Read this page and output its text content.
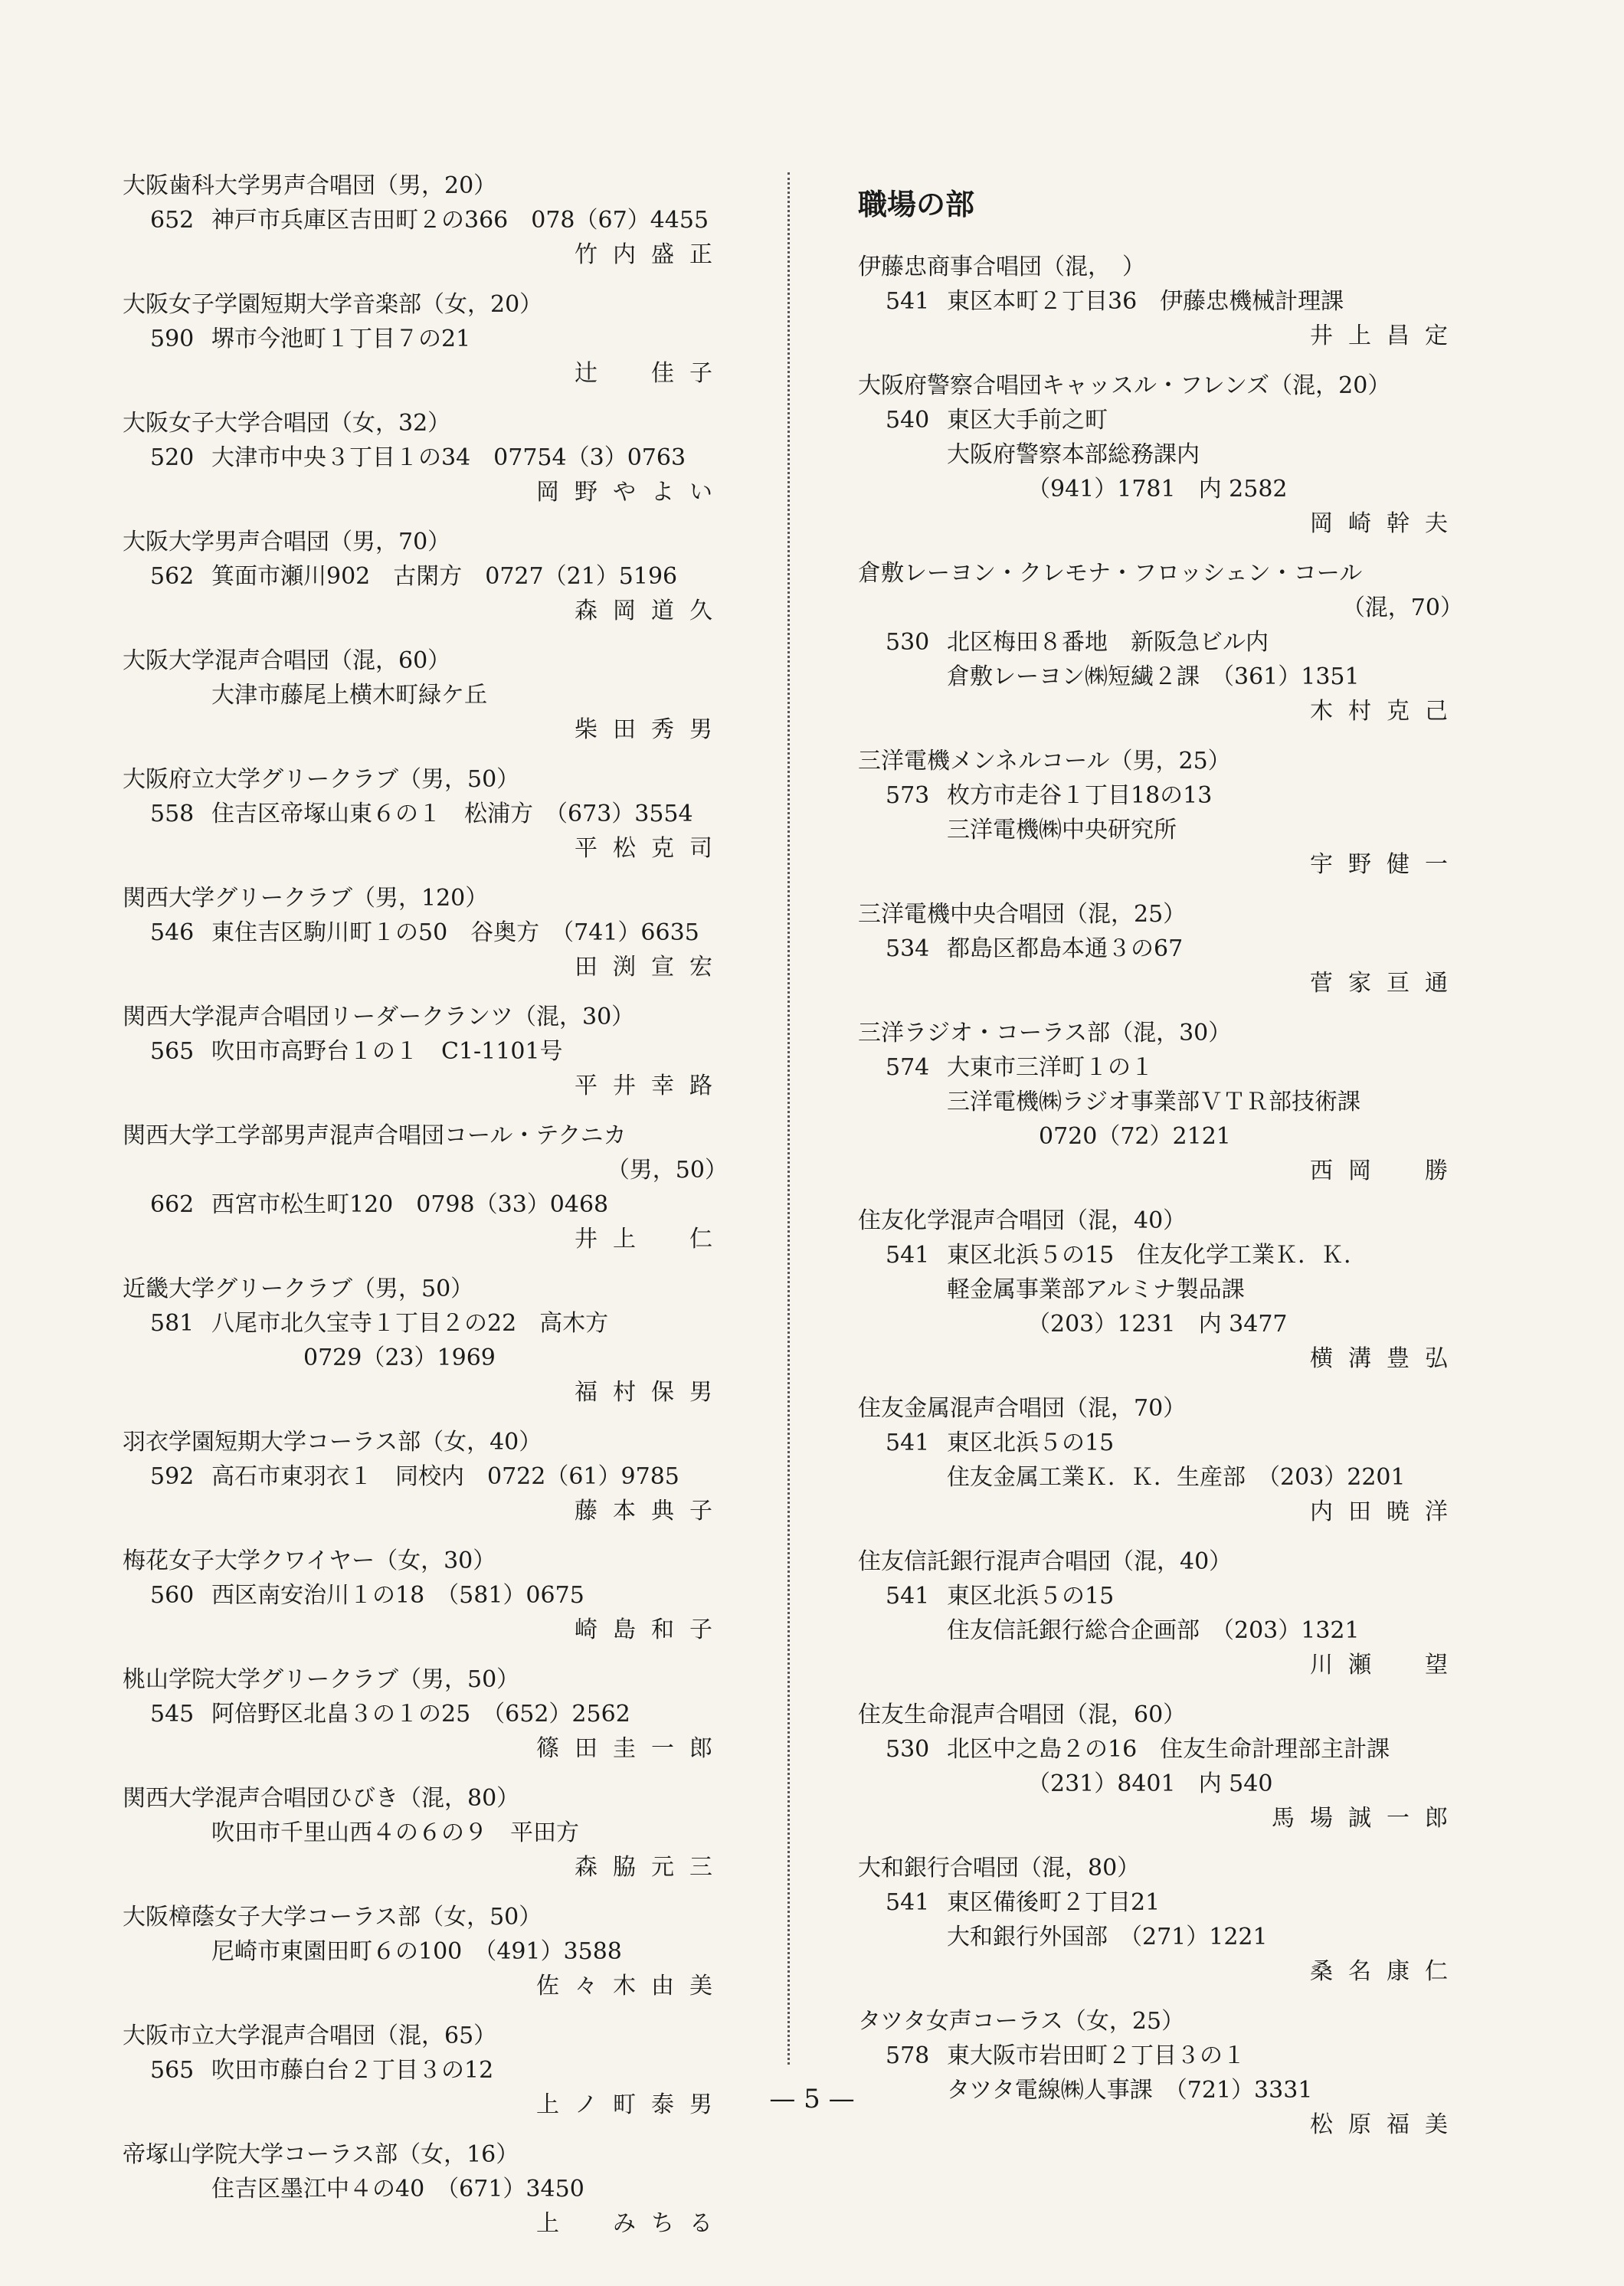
大阪歯科大学男声合唱団（男，20）
652 神戸市兵庫区吉田町２の366　078（67）4455
竹内盛正
大阪女子学園短期大学音楽部（女，20）
590 堺市今池町１丁目７の21
辻　佳子
大阪女子大学合唱団（女，32）
520 大津市中央３丁目１の34　07754（3）0763
岡野やよい
大阪大学男声合唱団（男，70）
562 箕面市瀬川902　古閑方　0727（21）5196
森岡道久
大阪大学混声合唱団（混，60）
大津市藤尾上横木町緑ケ丘
柴田秀男
大阪府立大学グリークラブ（男，50）
558 住吉区帝塚山東６の１　松浦方　（673）3554
平松克司
関西大学グリークラブ（男，120）
546 東住吉区駒川町１の50　谷奥方　（741）6635
田渕宣宏
関西大学混声合唱団リーダークランツ（混，30）
565 吹田市高野台１の１　C1-1101号
平井幸路
関西大学工学部男声混声合唱団コール・テクニカ
（男，50）
662 西宮市松生町120　0798（33）0468
井上　仁
近畿大学グリークラブ（男，50）
581 八尾市北久宝寺１丁目２の22　高木方
　　　　0729（23）1969
福村保男
羽衣学園短期大学コーラス部（女，40）
592 高石市東羽衣１　同校内　0722（61）9785
藤本典子
梅花女子大学クワイヤー（女，30）
560 西区南安治川１の18　（581）0675
崎島和子
桃山学院大学グリークラブ（男，50）
545 阿倍野区北畠３の１の25　（652）2562
篠田圭一郎
関西大学混声合唱団ひびき（混，80）
吹田市千里山西４の６の９　平田方
森脇元三
大阪樟蔭女子大学コーラス部（女，50）
尼崎市東園田町６の100　（491）3588
佐々木由美
大阪市立大学混声合唱団（混，65）
565 吹田市藤白台２丁目３の12
上ノ町泰男
帝塚山学院大学コーラス部（女，16）
住吉区墨江中４の40　（671）3450
上　みちる
職場の部
伊藤忠商事合唱団（混，　）
541 東区本町２丁目36　伊藤忠機械計理課
井上昌定
大阪府警察合唱団キャッスル・フレンズ（混，20）
540 東区大手前之町
大阪府警察本部総務課内
　　　　（941）1781　内 2582
岡崎幹夫
倉敷レーヨン・クレモナ・フロッシェン・コール
（混，70）
530 北区梅田８番地　新阪急ビル内
倉敷レーヨン㈱短繊２課　（361）1351
木村克己
三洋電機メンネルコール（男，25）
573 枚方市走谷１丁目18の13
三洋電機㈱中央研究所
宇野健一
三洋電機中央合唱団（混，25）
534 都島区都島本通３の67
菅家亘通
三洋ラジオ・コーラス部（混，30）
574 大東市三洋町１の１
三洋電機㈱ラジオ事業部ＶＴＲ部技術課
　　　　0720（72）2121
西岡　勝
住友化学混声合唱団（混，40）
541 東区北浜５の15　住友化学工業Ｋ．Ｋ．
軽金属事業部アルミナ製品課
　　　　（203）1231　内 3477
横溝豊弘
住友金属混声合唱団（混，70）
541 東区北浜５の15
住友金属工業Ｋ．Ｋ．生産部　（203）2201
内田暁洋
住友信託銀行混声合唱団（混，40）
541 東区北浜５の15
住友信託銀行総合企画部　（203）1321
川瀬　望
住友生命混声合唱団（混，60）
530 北区中之島２の16　住友生命計理部主計課
　　　　（231）8401　内 540
馬場誠一郎
大和銀行合唱団（混，80）
541 東区備後町２丁目21
大和銀行外国部　（271）1221
桑名康仁
タツタ女声コーラス（女，25）
578 東大阪市岩田町２丁目３の１
タツタ電線㈱人事課　（721）3331
松原福美
— 5 —
